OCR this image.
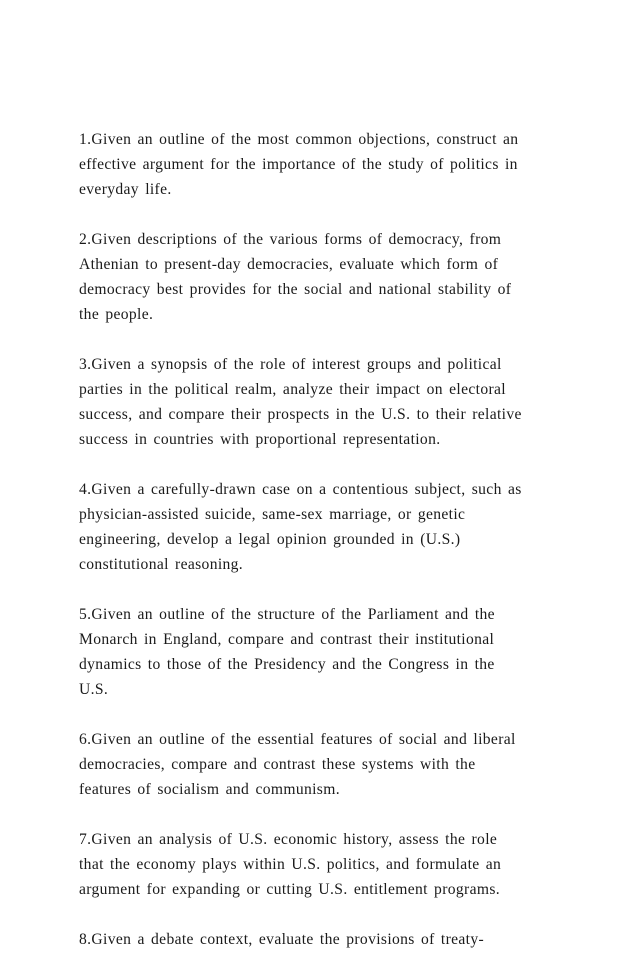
1.Given an outline of the most common objections, construct an
effective argument for the importance of the study of politics in
everyday life.

2.Given descriptions of the various forms of democracy, from
Athenian to present-day democracies, evaluate which form of
democracy best provides for the social and national stability of
the people.

3.Given a synopsis of the role of interest groups and political
parties in the political realm, analyze their impact on electoral
success, and compare their prospects in the U.S. to their relative
success in countries with proportional representation.

4.Given a carefully-drawn case on a contentious subject, such as
physician-assisted suicide, same-sex marriage, or genetic
engineering, develop a legal opinion grounded in (U.S.)
constitutional reasoning.

5.Given an outline of the structure of the Parliament and the
Monarch in England, compare and contrast their institutional
dynamics to those of the Presidency and the Congress in the
U.S.

6.Given an outline of the essential features of social and liberal
democracies, compare and contrast these systems with the
features of socialism and communism.

7.Given an analysis of U.S. economic history, assess the role
that the economy plays within U.S. politics, and formulate an
argument for expanding or cutting U.S. entitlement programs.

8.Given a debate context, evaluate the provisions of treaty-
